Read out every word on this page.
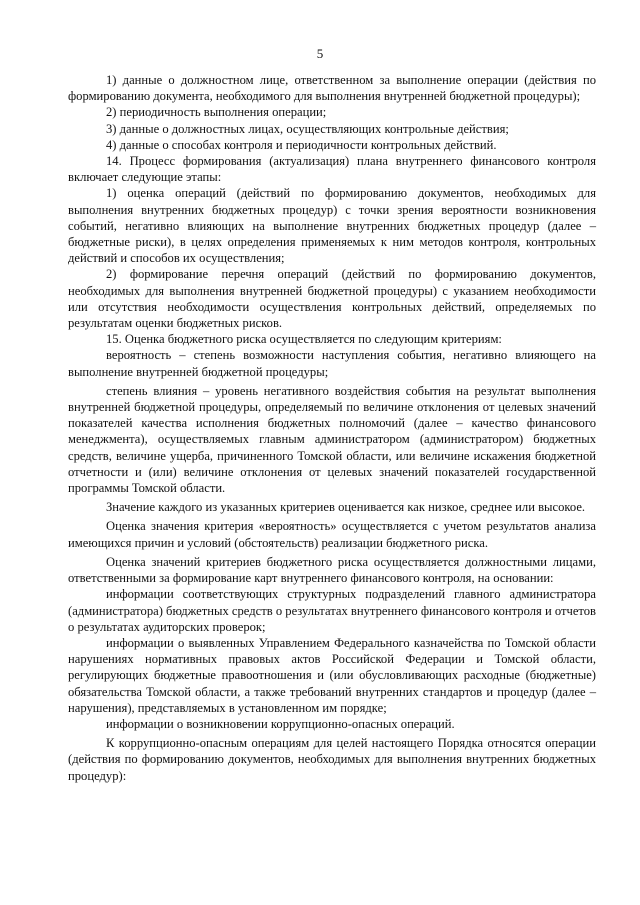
5

1) данные о должностном лице, ответственном за выполнение операции (действия по формированию документа, необходимого для выполнения внутренней бюджетной процедуры);

2) периодичность выполнения операции;

3) данные о должностных лицах, осуществляющих контрольные действия;

4) данные о способах контроля и периодичности контрольных действий.

14. Процесс формирования (актуализация) плана внутреннего финансового контроля включает следующие этапы:

1) оценка операций (действий по формированию документов, необходимых для выполнения внутренних бюджетных процедур) с точки зрения вероятности возникновения событий, негативно влияющих на выполнение внутренних бюджетных процедур (далее – бюджетные риски), в целях определения применяемых к ним методов контроля, контрольных действий и способов их осуществления;

2) формирование перечня операций (действий по формированию документов, необходимых для выполнения внутренней бюджетной процедуры) с указанием необходимости или отсутствия необходимости осуществления контрольных действий, определяемых по результатам оценки бюджетных рисков.

15. Оценка бюджетного риска осуществляется по следующим критериям:

вероятность – степень возможности наступления события, негативно влияющего на выполнение внутренней бюджетной процедуры;

степень влияния – уровень негативного воздействия события на результат выполнения внутренней бюджетной процедуры, определяемый по величине отклонения от целевых значений показателей качества исполнения бюджетных полномочий (далее – качество финансового менеджмента), осуществляемых главным администратором (администратором) бюджетных средств, величине ущерба, причиненного Томской области, или величине искажения бюджетной отчетности и (или) величине отклонения от целевых значений показателей государственной программы Томской области.

Значение каждого из указанных критериев оценивается как низкое, среднее или высокое.

Оценка значения критерия «вероятность» осуществляется с учетом результатов анализа имеющихся причин и условий (обстоятельств) реализации бюджетного риска.

Оценка значений критериев бюджетного риска осуществляется должностными лицами, ответственными за формирование карт внутреннего финансового контроля, на основании:

информации соответствующих структурных подразделений главного администратора (администратора) бюджетных средств о результатах внутреннего финансового контроля и отчетов о результатах аудиторских проверок;

информации о выявленных Управлением Федерального казначейства по Томской области нарушениях нормативных правовых актов Российской Федерации и Томской области, регулирующих бюджетные правоотношения и (или обусловливающих расходные (бюджетные) обязательства Томской области, а также требований внутренних стандартов и процедур (далее – нарушения), представляемых в установленном им порядке;

информации о возникновении коррупционно-опасных операций.

К коррупционно-опасным операциям для целей настоящего Порядка относятся операции (действия по формированию документов, необходимых для выполнения внутренних бюджетных процедур):
